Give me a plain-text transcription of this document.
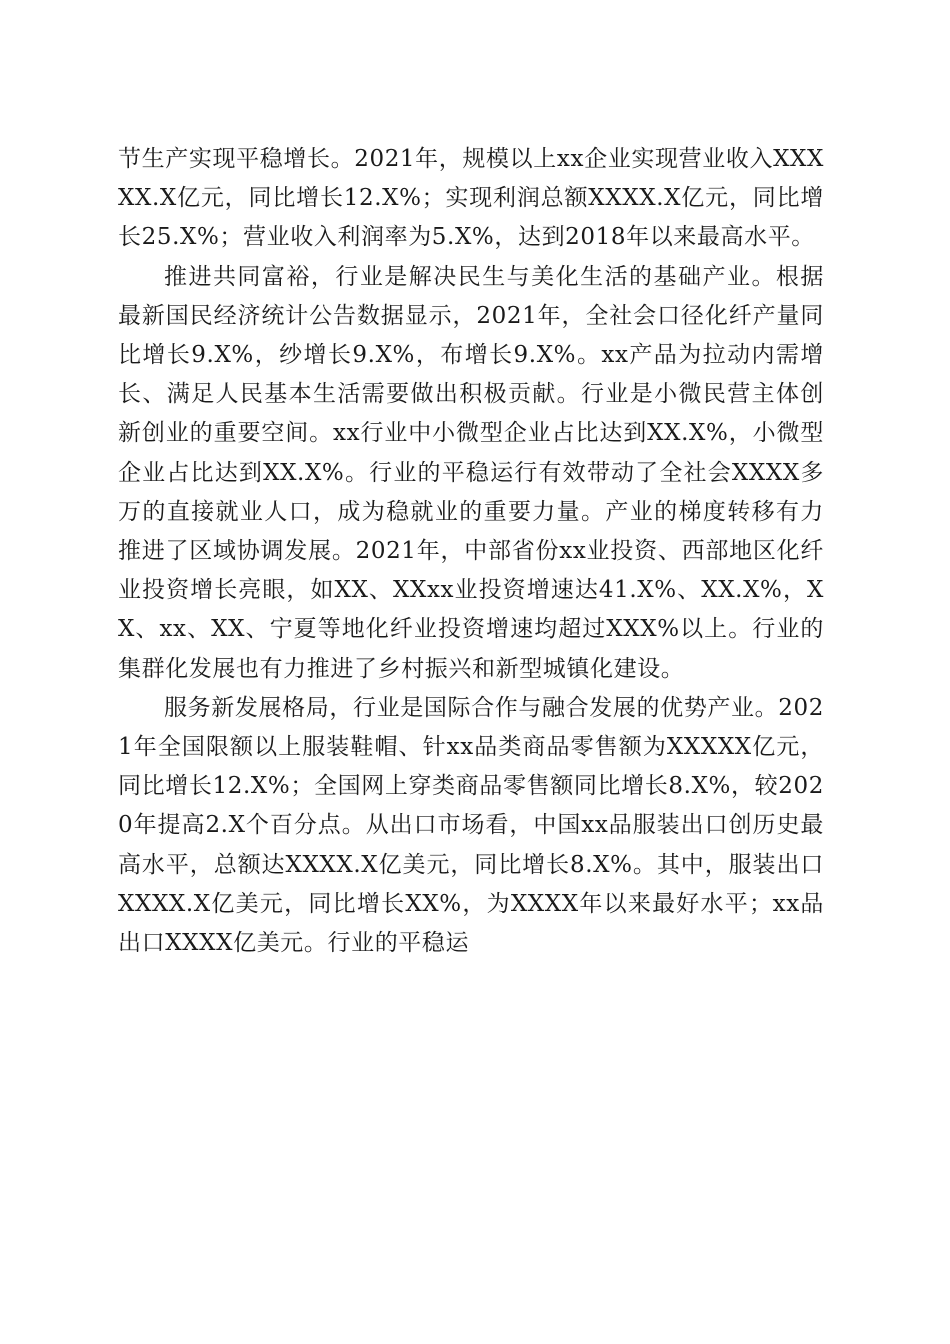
节生产实现平稳增长。2021年，规模以上xx企业实现营业收入XXXXX.X亿元，同比增长12.X%；实现利润总额XXXX.X亿元，同比增长25.X%；营业收入利润率为5.X%，达到2018年以来最高水平。

推进共同富裕，行业是解决民生与美化生活的基础产业。根据最新国民经济统计公告数据显示，2021年，全社会口径化纤产量同比增长9.X%，纱增长9.X%，布增长9.X%。xx产品为拉动内需增长、满足人民基本生活需要做出积极贡献。行业是小微民营主体创新创业的重要空间。xx行业中小微型企业占比达到XX.X%，小微型企业占比达到XX.X%。行业的平稳运行有效带动了全社会XXXX多万的直接就业人口，成为稳就业的重要力量。产业的梯度转移有力推进了区域协调发展。2021年，中部省份xx业投资、西部地区化纤业投资增长亮眼，如XX、XXxx业投资增速达41.X%、XX.X%，XX、xx、XX、宁夏等地化纤业投资增速均超过XXX%以上。行业的集群化发展也有力推进了乡村振兴和新型城镇化建设。

服务新发展格局，行业是国际合作与融合发展的优势产业。2021年全国限额以上服装鞋帽、针xx品类商品零售额为XXXXX亿元，同比增长12.X%；全国网上穿类商品零售额同比增长8.X%，较2020年提高2.X个百分点。从出口市场看，中国xx品服装出口创历史最高水平，总额达XXXX.X亿美元，同比增长8.X%。其中，服装出口XXXX.X亿美元，同比增长XX%，为XXXX年以来最好水平；xx品出口XXXX亿美元。行业的平稳运
